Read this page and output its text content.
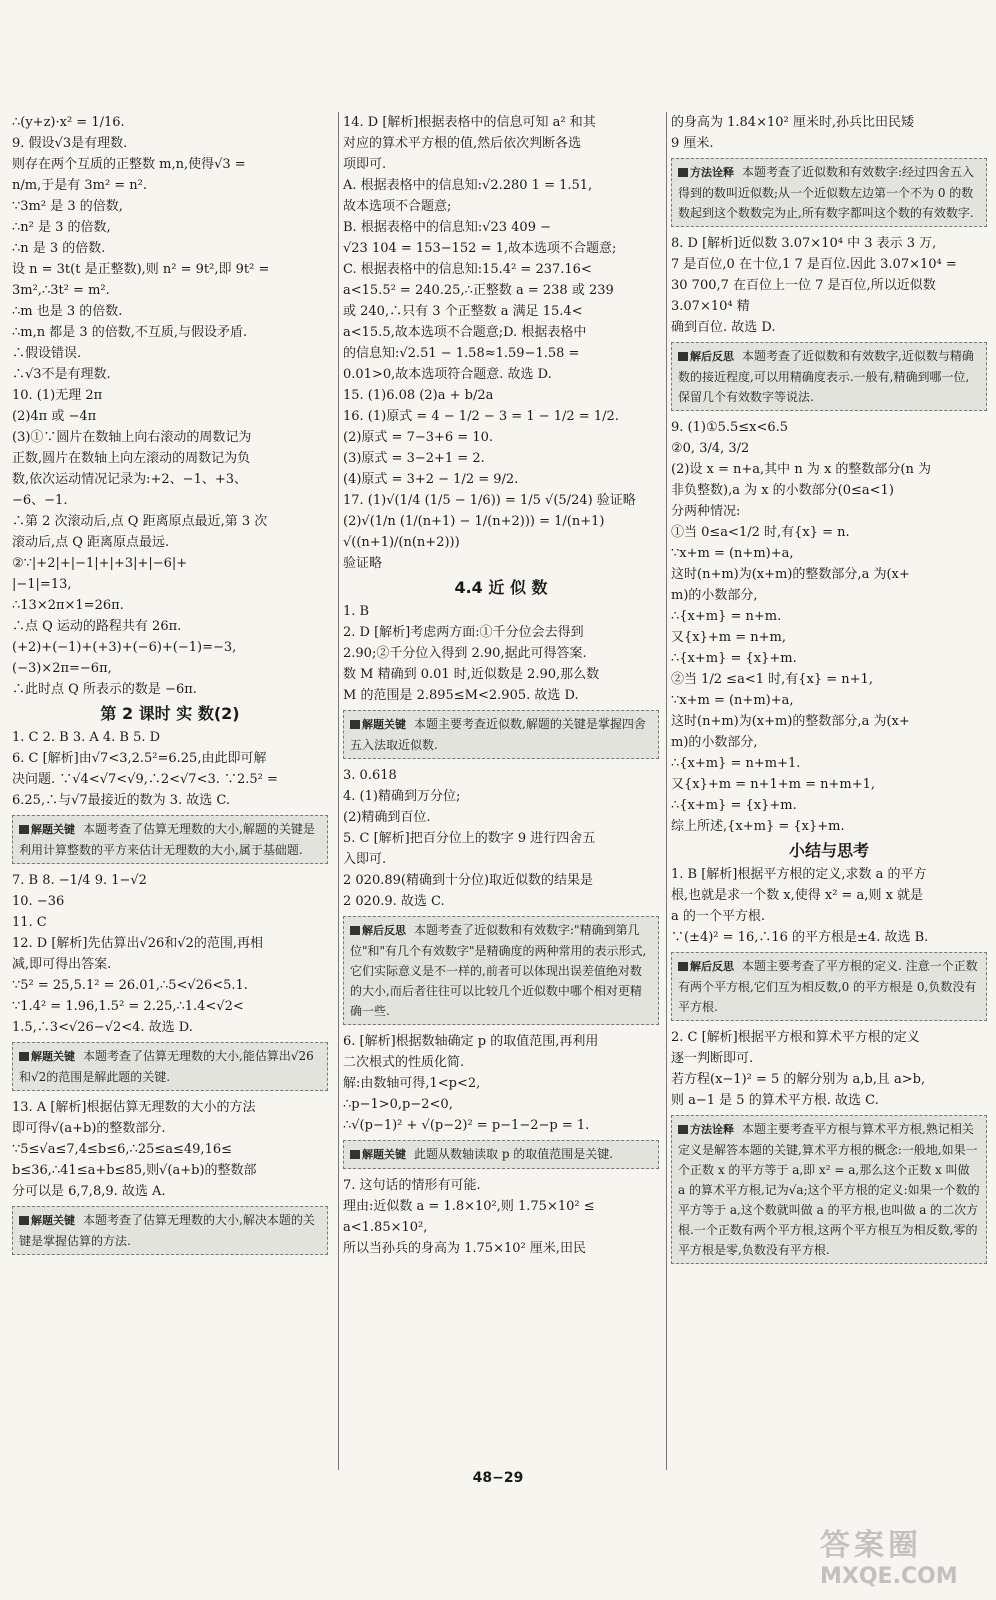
∴(y+z)·x² = 1/16.
9. 假设√3是有理数.
则存在两个互质的正整数 m,n,使得√3 =
n/m,于是有 3m² = n².
∵3m² 是 3 的倍数,
∴n² 是 3 的倍数,
∴n 是 3 的倍数.
设 n = 3t(t 是正整数),则 n² = 9t²,即 9t² =
3m²,∴3t² = m².
∴m 也是 3 的倍数.
∴m,n 都是 3 的倍数,不互质,与假设矛盾.
∴假设错误.
∴√3不是有理数.
10. (1)无理 2π
(2)4π 或 −4π
(3)①∵圆片在数轴上向右滚动的周数记为
正数,圆片在数轴上向左滚动的周数记为负
数,依次运动情况记录为:+2、−1、+3、
−6、−1.
∴第 2 次滚动后,点 Q 距离原点最近,第 3 次
滚动后,点 Q 距离原点最远.
②∵|+2|+|−1|+|+3|+|−6|+
|−1|=13,
∴13×2π×1=26π.
∴点 Q 运动的路程共有 26π.
(+2)+(−1)+(+3)+(−6)+(−1)=−3,
(−3)×2π=−6π,
∴此时点 Q 所表示的数是 −6π.
第 2 课时 实 数(2)
1. C 2. B 3. A 4. B 5. D
6. C [解析]由√7<3,2.5²=6.25,由此即可解
决问题. ∵√4<√7<√9,∴2<√7<3. ∵2.5² =
6.25,∴与√7最接近的数为 3. 故选 C.
解题关键 本题考查了估算无理数的大小,解题的关键是利用计算整数的平方来估计无理数的大小,属于基础题.
7. B 8. −1/4 9. 1−√2
10. −36
11. C
12. D [解析]先估算出√26和√2的范围,再相
减,即可得出答案.
∵5² = 25,5.1² = 26.01,∴5<√26<5.1.
∵1.4² = 1.96,1.5² = 2.25,∴1.4<√2<
1.5,∴3<√26−√2<4. 故选 D.
解题关键 本题考查了估算无理数的大小,能估算出√26和√2的范围是解此题的关键.
13. A [解析]根据估算无理数的大小的方法
即可得√(a+b)的整数部分.
∵5≤√a≤7,4≤b≤6,∴25≤a≤49,16≤
b≤36,∴41≤a+b≤85,则√(a+b)的整数部
分可以是 6,7,8,9. 故选 A.
解题关键 本题考查了估算无理数的大小,解决本题的关键是掌握估算的方法.
14. D [解析]根据表格中的信息可知 a² 和其
对应的算术平方根的值,然后依次判断各选
项即可.
A. 根据表格中的信息知:√2.280 1 = 1.51,
故本选项不合题意;
B. 根据表格中的信息知:√23 409 −
√23 104 = 153−152 = 1,故本选项不合题意;
C. 根据表格中的信息知:15.4² = 237.16<
a<15.5² = 240.25,∴正整数 a = 238 或 239
或 240,∴只有 3 个正整数 a 满足 15.4<
a<15.5,故本选项不合题意;D. 根据表格中
的信息知:√2.51 − 1.58≈1.59−1.58 =
0.01>0,故本选项符合题意. 故选 D.
15. (1)6.08 (2)a + b/2a
16. (1)原式 = 4 − 1/2 − 3 = 1 − 1/2 = 1/2.
(2)原式 = 7−3+6 = 10.
(3)原式 = 3−2+1 = 2.
(4)原式 = 3+2 − 1/2 = 9/2.
17. (1)√(1/4 (1/5 − 1/6)) = 1/5 √(5/24) 验证略
(2)√(1/n (1/(n+1) − 1/(n+2))) = 1/(n+1) √((n+1)/(n(n+2)))
验证略
4.4 近 似 数
1. B
2. D [解析]考虑两方面:①千分位会去得到
2.90;②千分位入得到 2.90,据此可得答案.
数 M 精确到 0.01 时,近似数是 2.90,那么数
M 的范围是 2.895≤M<2.905. 故选 D.
解题关键 本题主要考查近似数,解题的关键是掌握四舍五入法取近似数.
3. 0.618
4. (1)精确到万分位;
(2)精确到百位.
5. C [解析]把百分位上的数字 9 进行四舍五
入即可.
2 020.89(精确到十分位)取近似数的结果是
2 020.9. 故选 C.
解后反思 本题考查了近似数和有效数字:"精确到第几位"和"有几个有效数字"是精确度的两种常用的表示形式,它们实际意义是不一样的,前者可以体现出误差值绝对数的大小,而后者往往可以比较几个近似数中哪个相对更精确一些.
6. [解析]根据数轴确定 p 的取值范围,再利用
二次根式的性质化简.
解:由数轴可得,1<p<2,
∴p−1>0,p−2<0,
∴√(p−1)² + √(p−2)² = p−1−2−p = 1.
解题关键 此题从数轴读取 p 的取值范围是关键.
7. 这句话的情形有可能.
理由:近似数 a = 1.8×10²,则 1.75×10² ≤
a<1.85×10²,
所以当孙兵的身高为 1.75×10² 厘米,田民
的身高为 1.84×10² 厘米时,孙兵比田民矮
9 厘米.
方法诠释 本题考查了近似数和有效数字:经过四舍五入得到的数叫近似数;从一个近似数左边第一个不为 0 的数数起到这个数数完为止,所有数字都叫这个数的有效数字.
8. D [解析]近似数 3.07×10⁴ 中 3 表示 3 万,
7 是百位,0 在十位,1 7 是百位.因此 3.07×10⁴ =
30 700,7 在百位上一位 7 是百位,所以近似数 3.07×10⁴ 精
确到百位. 故选 D.
解后反思 本题考查了近似数和有效数字,近似数与精确数的接近程度,可以用精确度表示.一般有,精确到哪一位,保留几个有效数字等说法.
9. (1)①5.5≤x<6.5
②0, 3/4, 3/2
(2)设 x = n+a,其中 n 为 x 的整数部分(n 为
非负整数),a 为 x 的小数部分(0≤a<1)
分两种情况:
①当 0≤a<1/2 时,有{x} = n.
∵x+m = (n+m)+a,
这时(n+m)为(x+m)的整数部分,a 为(x+
m)的小数部分,
∴{x+m} = n+m.
又{x}+m = n+m,
∴{x+m} = {x}+m.
②当 1/2 ≤a<1 时,有{x} = n+1,
∵x+m = (n+m)+a,
这时(n+m)为(x+m)的整数部分,a 为(x+
m)的小数部分,
∴{x+m} = n+m+1.
又{x}+m = n+1+m = n+m+1,
∴{x+m} = {x}+m.
综上所述,{x+m} = {x}+m.
小结与思考
1. B [解析]根据平方根的定义,求数 a 的平方
根,也就是求一个数 x,使得 x² = a,则 x 就是
a 的一个平方根.
∵(±4)² = 16,∴16 的平方根是±4. 故选 B.
解后反思 本题主要考查了平方根的定义. 注意一个正数有两个平方根,它们互为相反数,0 的平方根是 0,负数没有平方根.
2. C [解析]根据平方根和算术平方根的定义
逐一判断即可.
若方程(x−1)² = 5 的解分别为 a,b,且 a>b,
则 a−1 是 5 的算术平方根. 故选 C.
方法诠释 本题主要考查平方根与算术平方根,熟记相关定义是解答本题的关键,算术平方根的概念:一般地,如果一个正数 x 的平方等于 a,即 x² = a,那么这个正数 x 叫做 a 的算术平方根,记为√a;这个平方根的定义:如果一个数的平方等于 a,这个数就叫做 a 的平方根,也叫做 a 的二次方根.一个正数有两个平方根,这两个平方根互为相反数,零的平方根是零,负数没有平方根.
48−29
答案圈
MXQE.COM
